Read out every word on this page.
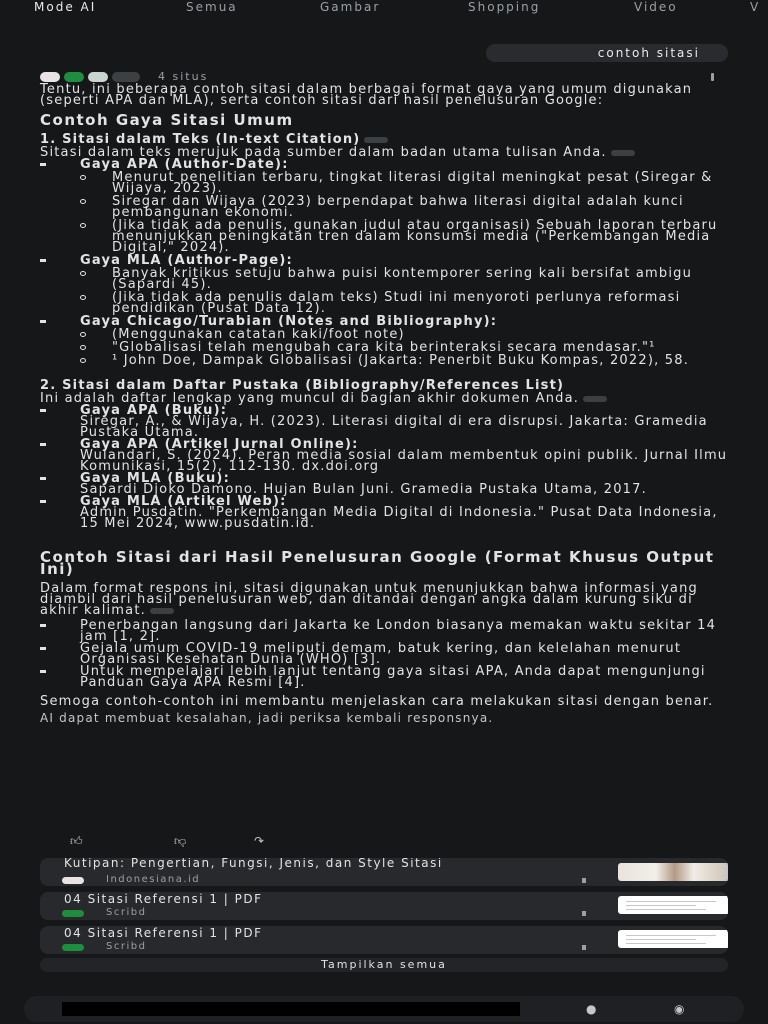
Mode AI	Semua	Gambar	Shopping	Video	V
contoh sitasi
4 situs

Tentu, ini beberapa contoh sitasi dalam berbagai format gaya yang umum digunakan (seperti APA dan MLA), serta contoh sitasi dari hasil penelusuran Google:

Contoh Gaya Sitasi Umum
1. Sitasi dalam Teks (In-text Citation)

Sitasi dalam teks merujuk pada sumber dalam badan utama tulisan Anda.

Gaya APA (Author-Date):
Menurut penelitian terbaru, tingkat literasi digital meningkat pesat (Siregar & Wijaya, 2023).
Siregar dan Wijaya (2023) berpendapat bahwa literasi digital adalah kunci pembangunan ekonomi.
(Jika tidak ada penulis, gunakan judul atau organisasi) Sebuah laporan terbaru menunjukkan peningkatan tren dalam konsumsi media ("Perkembangan Media Digital," 2024).
Gaya MLA (Author-Page):
Banyak kritikus setuju bahwa puisi kontemporer sering kali bersifat ambigu (Sapardi 45).
(Jika tidak ada penulis dalam teks) Studi ini menyoroti perlunya reformasi pendidikan (Pusat Data 12).
Gaya Chicago/Turabian (Notes and Bibliography):
(Menggunakan catatan kaki/foot note)
"Globalisasi telah mengubah cara kita berinteraksi secara mendasar."¹
¹ John Doe, Dampak Globalisasi (Jakarta: Penerbit Buku Kompas, 2022), 58.
2. Sitasi dalam Daftar Pustaka (Bibliography/References List)

Ini adalah daftar lengkap yang muncul di bagian akhir dokumen Anda.

Gaya APA (Buku):
Siregar, A., & Wijaya, H. (2023). Literasi digital di era disrupsi. Jakarta: Gramedia Pustaka Utama.
Gaya APA (Artikel Jurnal Online):
Wulandari, S. (2024). Peran media sosial dalam membentuk opini publik. Jurnal Ilmu Komunikasi, 15(2), 112-130. dx.doi.org
Gaya MLA (Buku):
Sapardi Djoko Damono. Hujan Bulan Juni. Gramedia Pustaka Utama, 2017.
Gaya MLA (Artikel Web):
Admin Pusdatin. "Perkembangan Media Digital di Indonesia." Pusat Data Indonesia, 15 Mei 2024, www.pusdatin.id.
Contoh Sitasi dari Hasil Penelusuran Google (Format Khusus Output Ini)

Dalam format respons ini, sitasi digunakan untuk menunjukkan bahwa informasi yang diambil dari hasil penelusuran web, dan ditandai dengan angka dalam kurung siku di akhir kalimat.

Penerbangan langsung dari Jakarta ke London biasanya memakan waktu sekitar 14 jam [1, 2].
Gejala umum COVID-19 meliputi demam, batuk kering, dan kelelahan menurut Organisasi Kesehatan Dunia (WHO) [3].
Untuk mempelajari lebih lanjut tentang gaya sitasi APA, Anda dapat mengunjungi Panduan Gaya APA Resmi [4].

Semoga contoh-contoh ini membantu menjelaskan cara melakukan sitasi dengan benar.

AI dapat membuat kesalahan, jadi periksa kembali responsnya.

👍︎	👎︎	↷
Kutipan: Pengertian, Fungsi, Jenis, dan Style Sitasi
Indonesiana.id
04 Sitasi Referensi 1 | PDF
Scribd
04 Sitasi Referensi 1 | PDF
Scribd
Tampilkan semua
●	◉
